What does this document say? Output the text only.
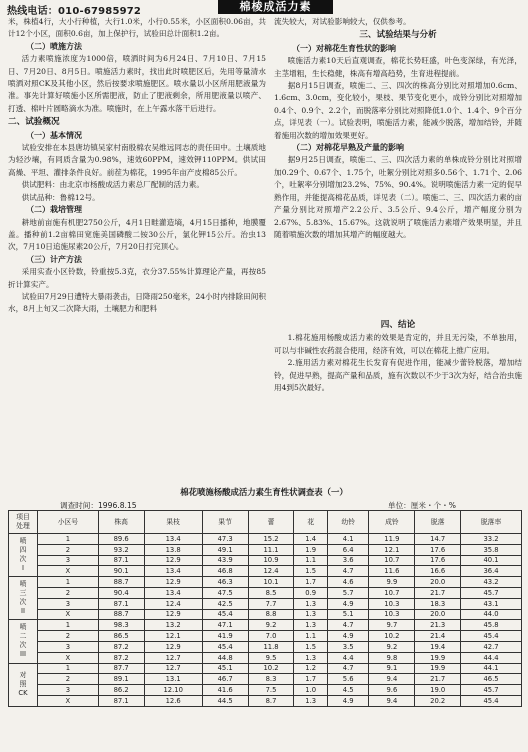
热线电话：010-67985972	棉棱成活力素

米，株植4行，大小行种植，大行1.0米，小行0.55米，小区面积0.06亩，共计12个小区，面积0.6亩，加上保护行，试验田总计面积1.2亩。

（二）喷施方法

活力素喷施浓度为1000倍，喷洒时间为6月24日、7月10日、7月15日、7月20日、8月5日。喷施活力素时，找出此时喷肥区后，先用等量清水喷洒对照CK及其他小区，然后按要求喷施肥区。喷水量以小区所用肥液量为准。事先计算好喷施小区所需肥液，防止了肥液剩余，所用肥液量以喷产、打透、棉叶片圆略滴水为准。喷施时，在上午露水落干后进行。

二、试验概况

（一）基本情况

试验安排在本县唐坊镇吴家村南殷棉农吴维远同志的责任田中。土壤质地为轻沙壤，有同质含量为0.98%，速效60PPM，速效钾110PPM。供试田高燥、平坦、灌排条件良好。前茬为棉花，1995年亩产皮棉85公斤。

供试肥料：由北京市杨酸成活力素总厂配制的活力素。

供试品种：鲁棉12号。

（二）栽培管理

耕地前亩施有机肥2750公斤，4月1日畦灌造墒，4月15日播种，地膜覆盖。播种前1.2亩棉田宽施美国磷酸二铵30公斤，氯化钾15公斤。治虫13次，7月10日追施尿素20公斤，7月20日打完顶心。

（三）计产方法

采用实查小区铃数，铃重按5.3克，衣分37.55%计算理论产量，再按85折计算实产。

试验田7月29日遭特大暴雨袭击，日降雨250毫米，24小时内排除田间积水，8月上旬又二次降大雨，土壤肥力和肥料

流失较大，对试验影响较大，仅供参考。

三、试验结果与分析

（一）对棉花生育性状的影响

喷施活力素10天后直观调查，棉花长势旺盛，叶色变深绿，有光泽，主茎增粗，生长稳健，株高有增高趋势，生育进程提前。

据8月15日调查，喷施二、三、四次的株高分别比对照增加0.6cm、1.6cm、3.0cm，变化较小，果枝、果节变化更小，成铃分别比对照增加0.4个、0.9个、2.2个，而脱落率分别比对照降低1.0个、1.4个、9个百分点，详见表（一）。试验表明，喷施活力素，能减少脱落，增加结铃，并随着施用次数的增加效果更好。

（二）对棉花早熟及产量的影响

据9月25日调查，喷施二、三、四次活力素的单株成铃分别比对照增加0.29个、0.67个、1.75个，吐絮分别比对照多0.56个、1.71个、2.06个，吐絮率分别增加23.2%、75%、90.4%。说明喷施活力素一定的促早熟作用，并能提高棉花品质，详见表（二）。喷施二、三、四次活力素的亩产量分别比对照增产2.2公斤、3.5公斤、9.4公斤，增产幅度分别为2.67%、5.83%、15.67%。这就说明了喷施活力素增产效果明显，并且随着喷施次数的增加其增产的幅度越大。

四、结论

1.棉花施用杨酸成活力素的效果是肯定的，并且无污染，不单独用，可以与非碱性农药混合使用，经济有效，可以在棉花上推广应用。

2.施用活力素对棉花生长发育有促进作用，能减少蕾铃脱落，增加结铃，促进早熟，提高产量和品质，施有次数以不少于3次为好，结合治虫施用4到5次最好。

棉花喷施杨酸成活力素生育性状调查表（一）
调查时间：1996.8.15	单位：厘米・个・%
项目
处理	小区号	株高	果枝	果节	蕾	花	幼铃	成铃	脱落	脱落率
喷
四
次
I	1	89.6	13.4	47.3	15.2	1.4	4.1	11.9	14.7	33.2
	2	93.2	13.8	49.1	11.1	1.9	6.4	12.1	17.6	35.8
	3	87.1	12.9	43.9	10.9	1.1	3.6	10.7	17.6	40.1
	X	90.1	13.4	46.8	12.4	1.5	4.7	11.6	16.6	36.4
喷
三
次
II	1	88.7	12.9	46.3	10.1	1.7	4.6	9.9	20.0	43.2
	2	90.4	13.4	47.5	8.5	0.9	5.7	10.7	21.7	45.7
	3	87.1	12.4	42.5	7.7	1.3	4.9	10.3	18.3	43.1
	X	88.7	12.9	45.4	8.8	1.3	5.1	10.3	20.0	44.0
喷
二
次
III	1	98.3	13.2	47.1	9.2	1.3	4.7	9.7	21.3	45.8
	2	86.5	12.1	41.9	7.0	1.1	4.9	10.2	21.4	45.4
	3	87.2	12.9	45.4	11.8	1.5	3.5	9.2	19.4	42.7
	X	87.2	12.7	44.8	9.5	1.3	4.4	9.8	19.9	44.4
对
照
CK	1	87.7	12.7	45.1	10.2	1.2	4.7	9.1	19.9	44.1
	2	89.1	13.1	46.7	8.3	1.7	5.6	9.4	21.7	46.5
	3	86.2	12.10	41.6	7.5	1.0	4.5	9.6	19.0	45.7
	X	87.1	12.6	44.5	8.7	1.3	4.9	9.4	20.2	45.4
